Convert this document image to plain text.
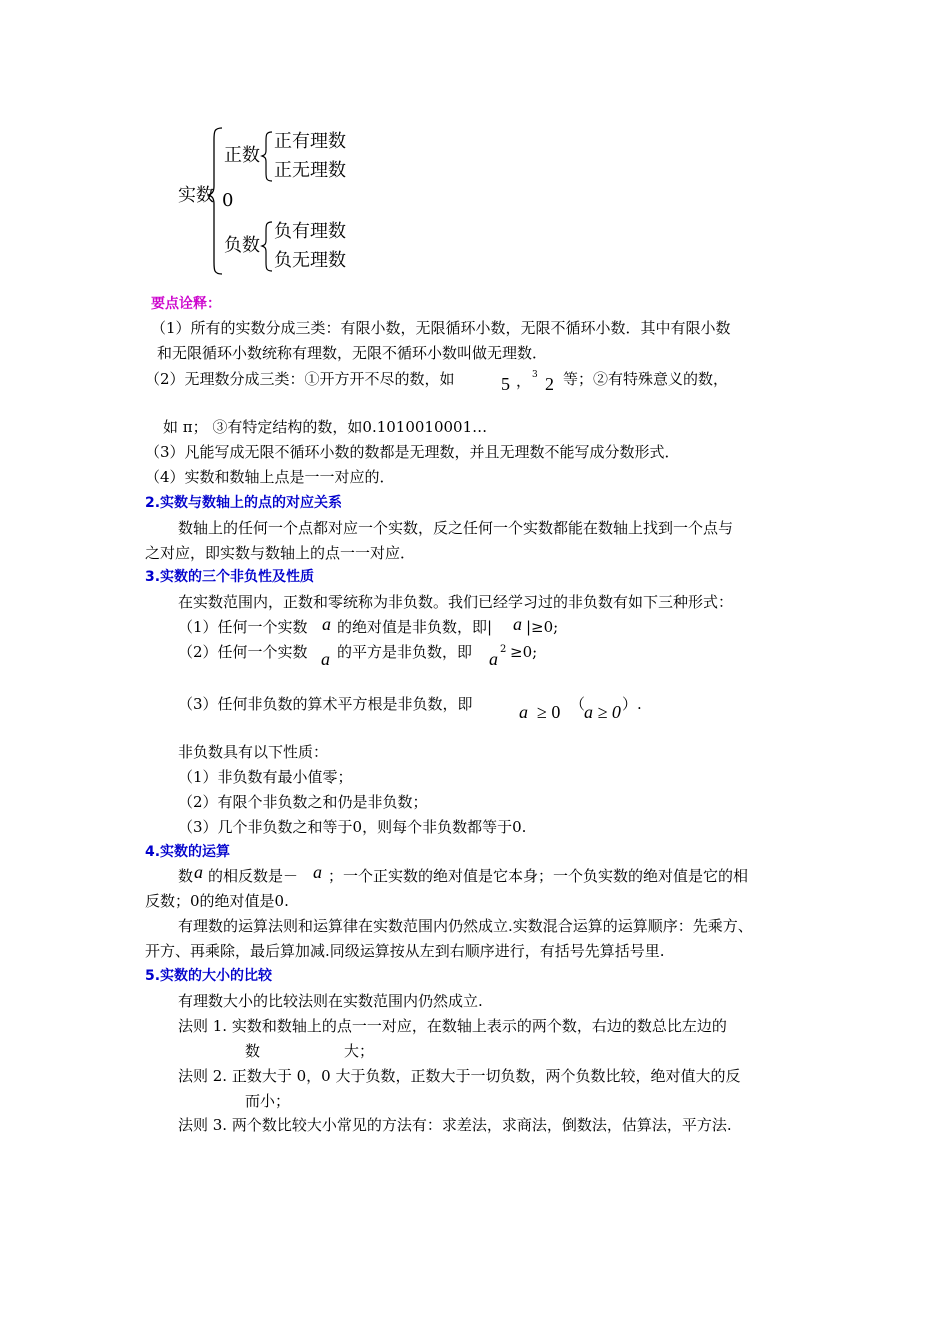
实数
正数
正有理数
正无理数
0
负数
负有理数
负无理数
要点诠释：
（1）所有的实数分成三类：有限小数，无限循环小数，无限不循环小数．其中有限小数
和无限循环小数统称有理数，无限不循环小数叫做无理数．
（2）无理数分成三类：①开方开不尽的数，如	5 ， 3 2 等；②有特殊意义的数，
如 π； ③有特定结构的数，如0.1010010001…
（3）凡能写成无限不循环小数的数都是无理数，并且无理数不能写成分数形式．
（4）实数和数轴上点是一一对应的．
2.实数与数轴上的点的对应关系
数轴上的任何一个点都对应一个实数，反之任何一个实数都能在数轴上找到一个点与
之对应，即实数与数轴上的点一一对应．
3.实数的三个非负性及性质
在实数范围内，正数和零统称为非负数。我们已经学习过的非负数有如下三种形式：
（1）任何一个实数 a 的绝对值是非负数，即| a |≥0;
（2）任何一个实数 a 的平方是非负数，即 a 2 ≥0;
（3）任何非负数的算术平方根是非负数，即	a ≥ 0 （
a ≥ 0 ）.
非负数具有以下性质：
（1）非负数有最小值零；
（2）有限个非负数之和仍是非负数；
（3）几个非负数之和等于0，则每个非负数都等于0.
4.实数的运算
数 a 的相反数是－ a ；一个正实数的绝对值是它本身；一个负实数的绝对值是它的相
反数；0的绝对值是0.
有理数的运算法则和运算律在实数范围内仍然成立.实数混合运算的运算顺序：先乘方、
开方、再乘除，最后算加减.同级运算按从左到右顺序进行，有括号先算括号里.
5.实数的大小的比较
有理数大小的比较法则在实数范围内仍然成立.
法则 1. 实数和数轴上的点一一对应，在数轴上表示的两个数，右边的数总比左边的
数	大；
法则 2. 正数大于 0，0 大于负数，正数大于一切负数，两个负数比较，绝对值大的反
而小；
法则 3. 两个数比较大小常见的方法有：求差法，求商法，倒数法，估算法，平方法.
